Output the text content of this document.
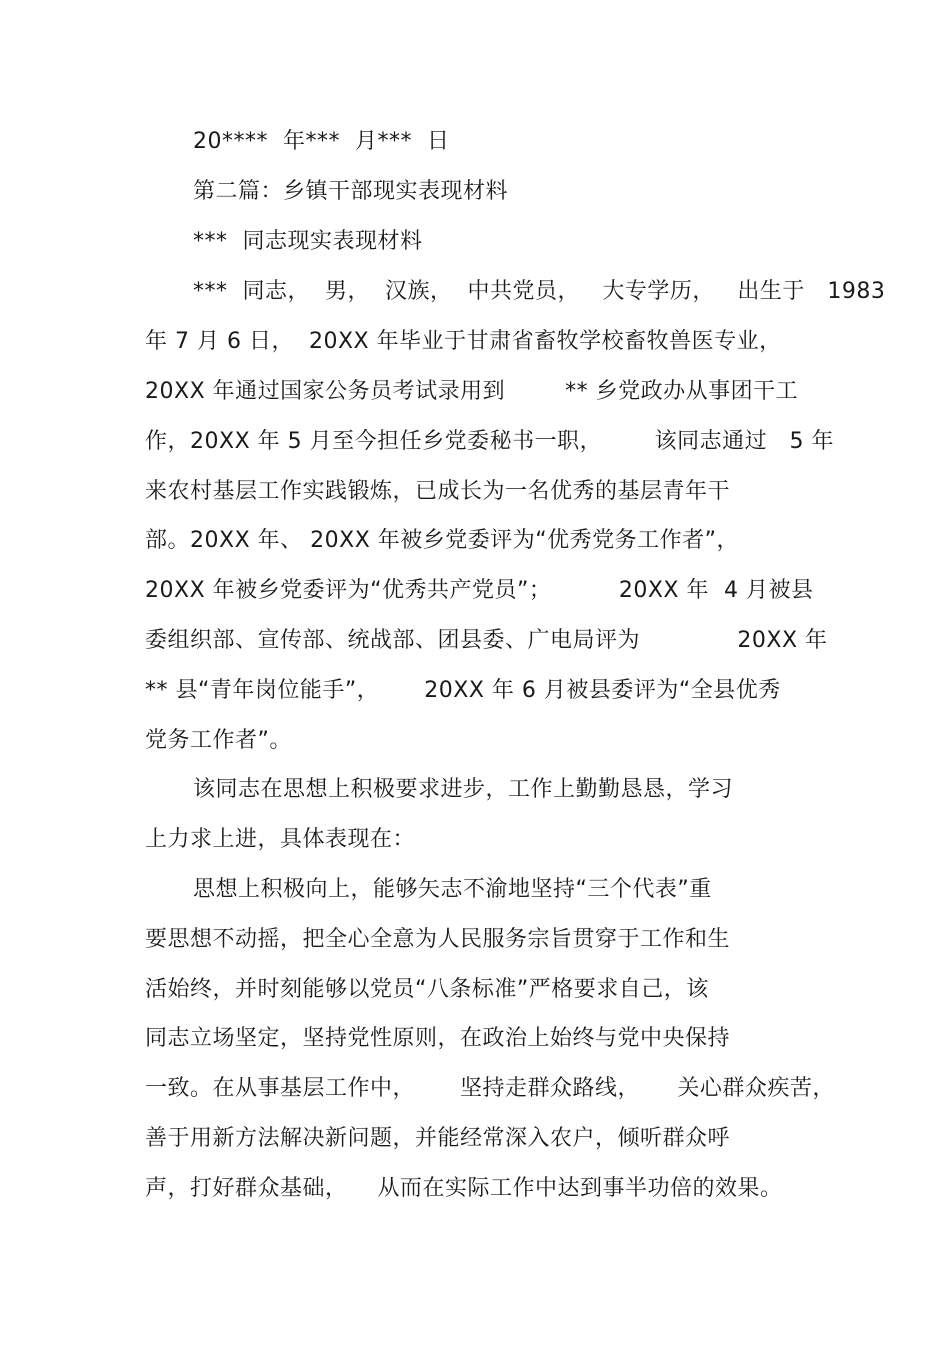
20****  年***  月***  日
第二篇：乡镇干部现实表现材料
***  同志现实表现材料
***  同志，  男，  汉族，  中共党员，   大专学历，   出生于   1983
年 7 月 6 日，  20XX 年毕业于甘肃省畜牧学校畜牧兽医专业，
20XX 年通过国家公务员考试录用到        ** 乡党政办从事团干工
作，20XX 年 5 月至今担任乡党委秘书一职，       该同志通过   5 年
来农村基层工作实践锻炼，已成长为一名优秀的基层青年干
部。20XX 年、 20XX 年被乡党委评为“优秀党务工作者”，
20XX 年被乡党委评为“优秀共产党员”；         20XX 年  4 月被县
委组织部、宣传部、统战部、团县委、广电局评为             20XX 年
** 县“青年岗位能手”，      20XX 年 6 月被县委评为“全县优秀
党务工作者”。
该同志在思想上积极要求进步，工作上勤勤恳恳，学习
上力求上进，具体表现在：
思想上积极向上，能够矢志不渝地坚持“三个代表”重
要思想不动摇，把全心全意为人民服务宗旨贯穿于工作和生
活始终，并时刻能够以党员“八条标准”严格要求自己，该
同志立场坚定，坚持党性原则，在政治上始终与党中央保持
一致。在从事基层工作中，      坚持走群众路线，     关心群众疾苦，
善于用新方法解决新问题，并能经常深入农户，倾听群众呼
声，打好群众基础，    从而在实际工作中达到事半功倍的效果。
